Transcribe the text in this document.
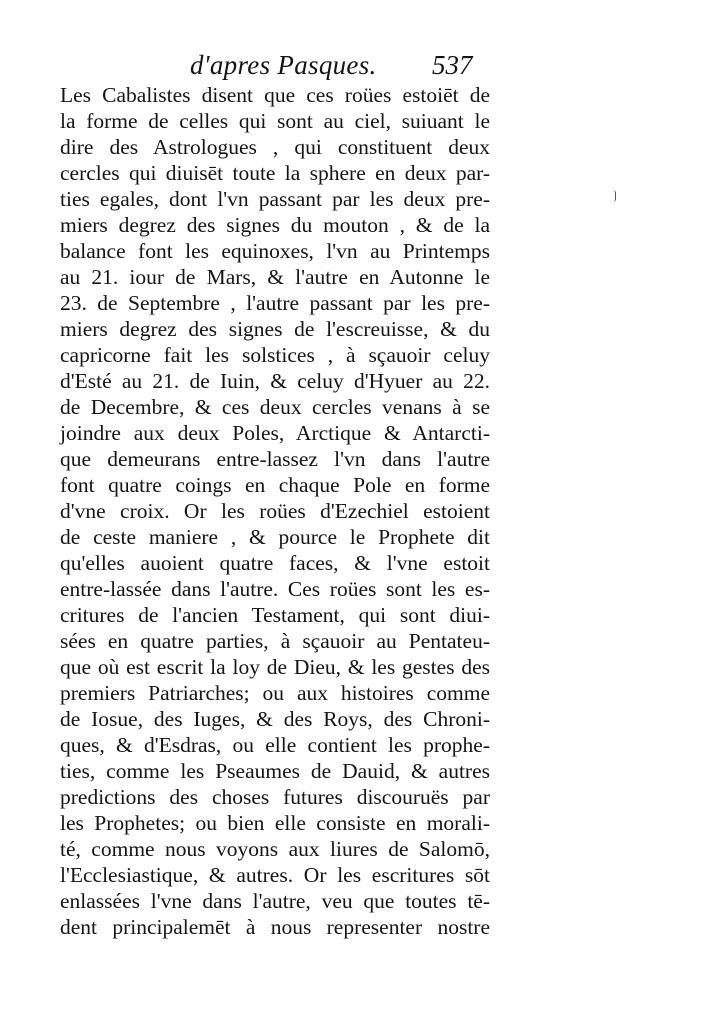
d'apres Pasques. 537
Les Cabalistes disent que ces roües estoiēt de
la forme de celles qui sont au ciel, suiuant le
dire des Astrologues , qui constituent deux
cercles qui diuisēt toute la sphere en deux par-
ties egales, dont l'vn passant par les deux pre-
miers degrez des signes du mouton , & de la
balance font les equinoxes, l'vn au Printemps
au 21. iour de Mars, & l'autre en Autonne le
23. de Septembre , l'autre passant par les pre-
miers degrez des signes de l'escreuisse, & du
capricorne fait les solstices , à sçauoir celuy
d'Esté au 21. de Iuin, & celuy d'Hyuer au 22.
de Decembre, & ces deux cercles venans à se
joindre aux deux Poles, Arctique & Antarcti-
que demeurans entre-lassez l'vn dans l'autre
font quatre coings en chaque Pole en forme
d'vne croix. Or les roües d'Ezechiel estoient
de ceste maniere , & pource le Prophete dit
qu'elles auoient quatre faces, & l'vne estoit
entre-lassée dans l'autre. Ces roües sont les es-
critures de l'ancien Testament, qui sont diui-
sées en quatre parties, à sçauoir au Pentateu-
que où est escrit la loy de Dieu, & les gestes des
premiers Patriarches; ou aux histoires comme
de Iosue, des Iuges, & des Roys, des Chroni-
ques, & d'Esdras, ou elle contient les prophe-
ties, comme les Pseaumes de Dauid, & autres
predictions des choses futures discouruës par
les Prophetes; ou bien elle consiste en morali-
té, comme nous voyons aux liures de Salomō,
l'Ecclesiastique, & autres. Or les escritures sōt
enlassées l'vne dans l'autre, veu que toutes tē-
dent principalemēt à nous representer nostre
